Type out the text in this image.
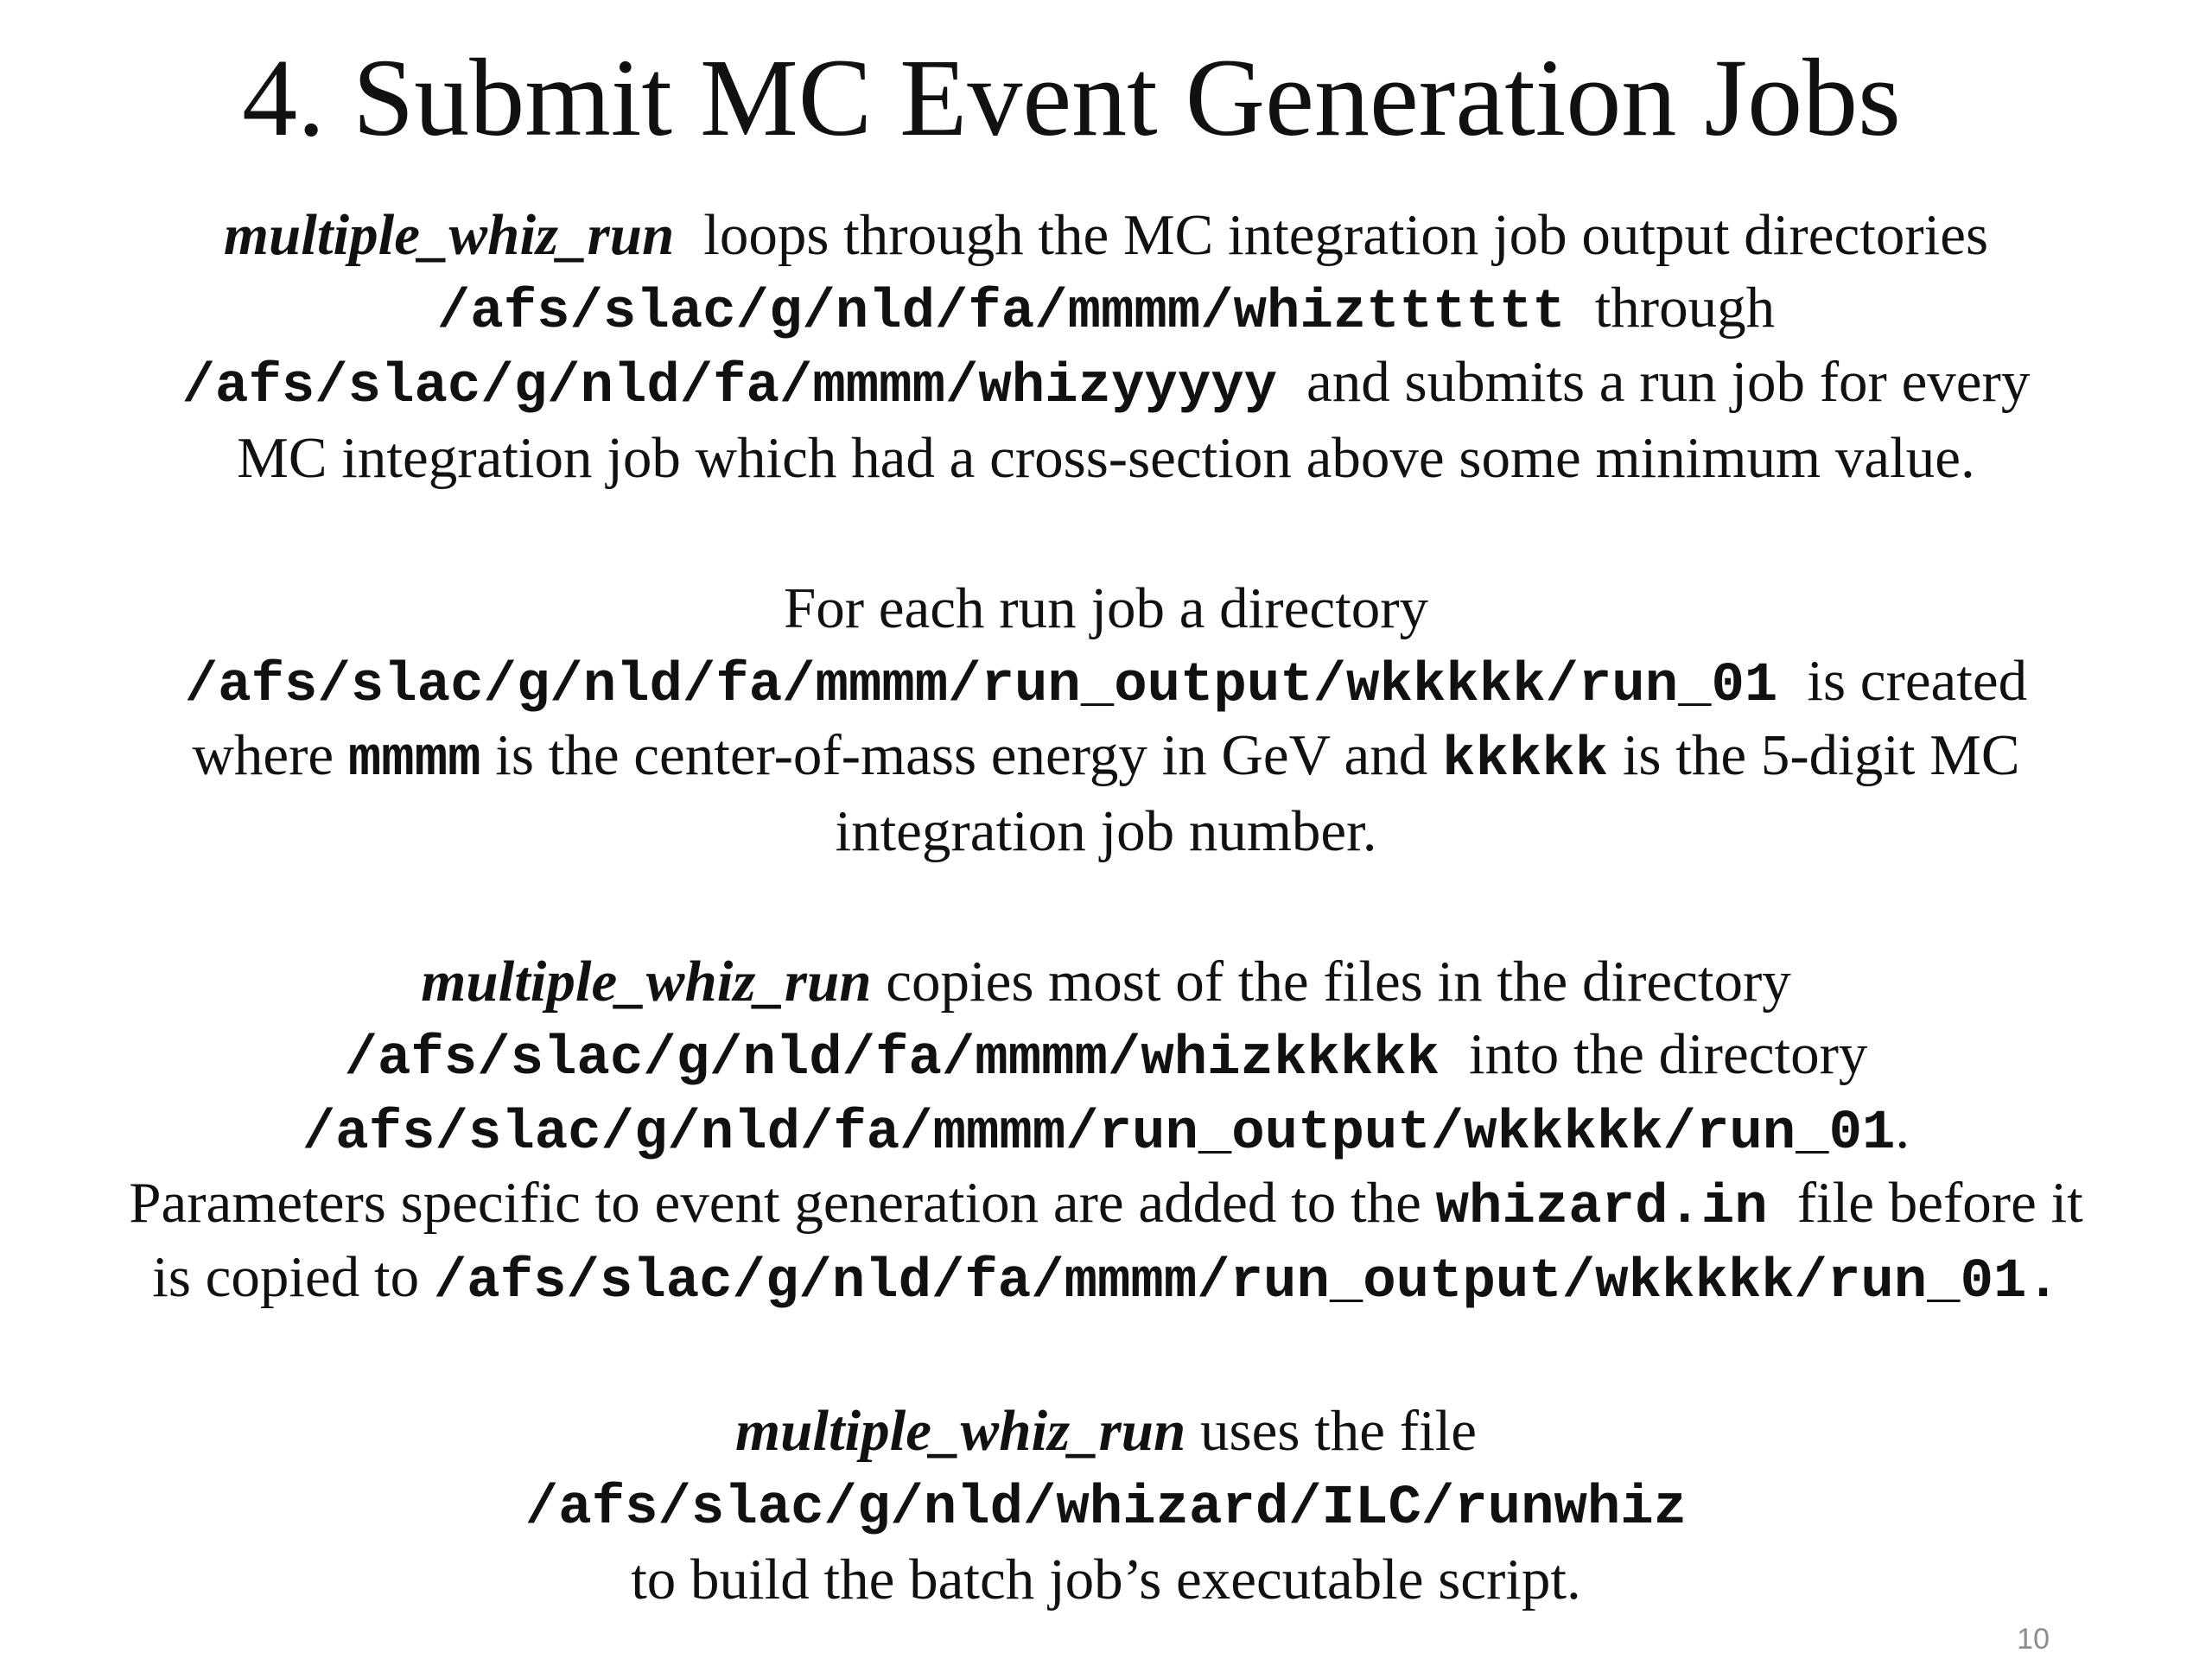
4. Submit MC Event Generation Jobs
multiple_whiz_run loops through the MC integration job output directories
/afs/slac/g/nld/fa/mmmm/whiztttttt through
/afs/slac/g/nld/fa/mmmm/whizyyyyy and submits a run job for every
MC integration job which had a cross-section above some minimum value.
For each run job a directory
/afs/slac/g/nld/fa/mmmm/run_output/wkkkkk/run_01 is created
where mmmm is the center-of-mass energy in GeV and kkkkk is the 5-digit MC
integration job number.
multiple_whiz_run copies most of the files in the directory
/afs/slac/g/nld/fa/mmmm/whizkkkkk into the directory
/afs/slac/g/nld/fa/mmmm/run_output/wkkkkk/run_01.
Parameters specific to event generation are added to the whizard.in file before it
is copied to /afs/slac/g/nld/fa/mmmm/run_output/wkkkkk/run_01.
multiple_whiz_run uses the file
/afs/slac/g/nld/whizard/ILC/runwhiz
to build the batch job’s executable script.
10
